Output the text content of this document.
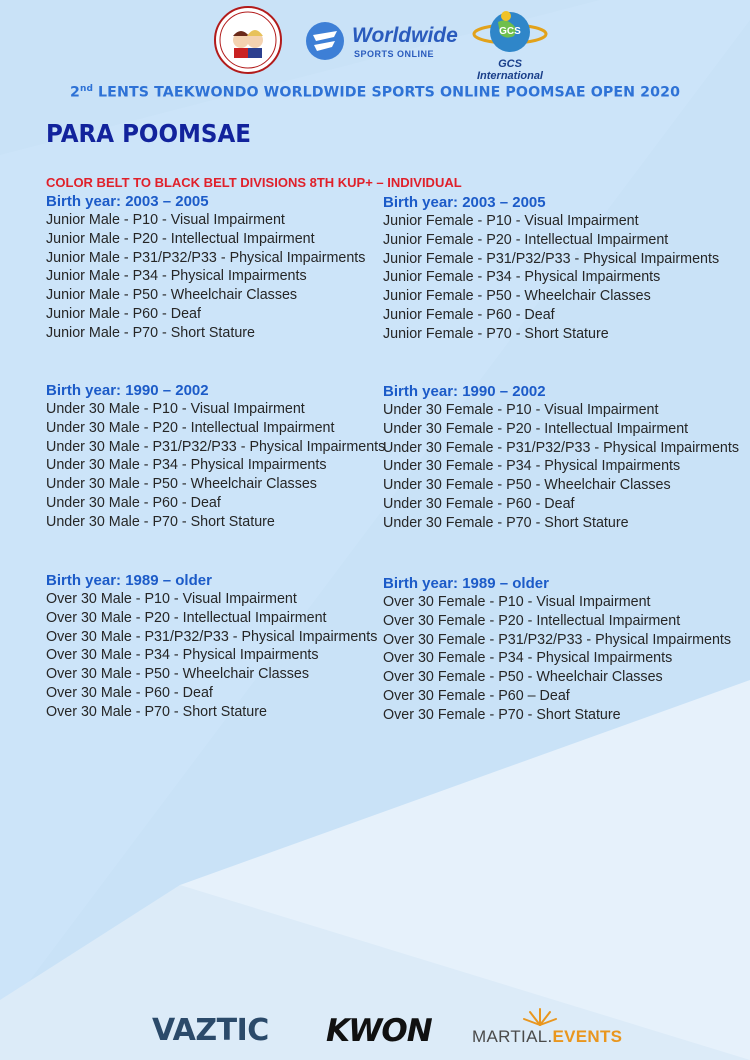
Worldwide
SPORTS ONLINE
GCS
GCS International
2nd LENTS TAEKWONDO WORLDWIDE SPORTS ONLINE POOMSAE OPEN 2020
PARA POOMSAE
COLOR BELT TO BLACK BELT DIVISIONS 8TH KUP+ – INDIVIDUAL
Birth year: 2003 – 2005
Junior Male - P10 - Visual Impairment
Junior Male - P20 - Intellectual Impairment
Junior Male - P31/P32/P33 - Physical Impairments
Junior Male - P34 - Physical Impairments
Junior Male - P50 - Wheelchair Classes
Junior Male - P60 - Deaf
Junior Male - P70 - Short Stature
Birth year: 2003 – 2005
Junior Female - P10 - Visual Impairment
Junior Female - P20 - Intellectual Impairment
Junior Female - P31/P32/P33 - Physical Impairments
Junior Female - P34 - Physical Impairments
Junior Female - P50 - Wheelchair Classes
Junior Female - P60 - Deaf
Junior Female - P70 - Short Stature
Birth year: 1990 – 2002
Under 30 Male - P10 - Visual Impairment
Under 30 Male - P20 - Intellectual Impairment
Under 30 Male - P31/P32/P33 - Physical Impairments
Under 30 Male - P34 - Physical Impairments
Under 30 Male - P50 - Wheelchair Classes
Under 30 Male - P60 - Deaf
Under 30 Male - P70 - Short Stature
Birth year: 1990 – 2002
Under 30 Female - P10 - Visual Impairment
Under 30 Female - P20 - Intellectual Impairment
Under 30 Female - P31/P32/P33 - Physical Impairments
Under 30 Female - P34 - Physical Impairments
Under 30 Female - P50 - Wheelchair Classes
Under 30 Female - P60 - Deaf
Under 30 Female - P70 - Short Stature
Birth year: 1989 – older
Over 30 Male - P10 - Visual Impairment
Over 30 Male - P20 - Intellectual Impairment
Over 30 Male - P31/P32/P33 - Physical Impairments
Over 30 Male - P34 - Physical Impairments
Over 30 Male - P50 - Wheelchair Classes
Over 30 Male - P60 - Deaf
Over 30 Male - P70 - Short Stature
Birth year: 1989 – older
Over 30 Female - P10 - Visual Impairment
Over 30 Female - P20 - Intellectual Impairment
Over 30 Female - P31/P32/P33 - Physical Impairments
Over 30 Female - P34 - Physical Impairments
Over 30 Female - P50 - Wheelchair Classes
Over 30 Female - P60 – Deaf
Over 30 Female - P70 - Short Stature
VAZTIC KWON MARTIAL.EVENTS
